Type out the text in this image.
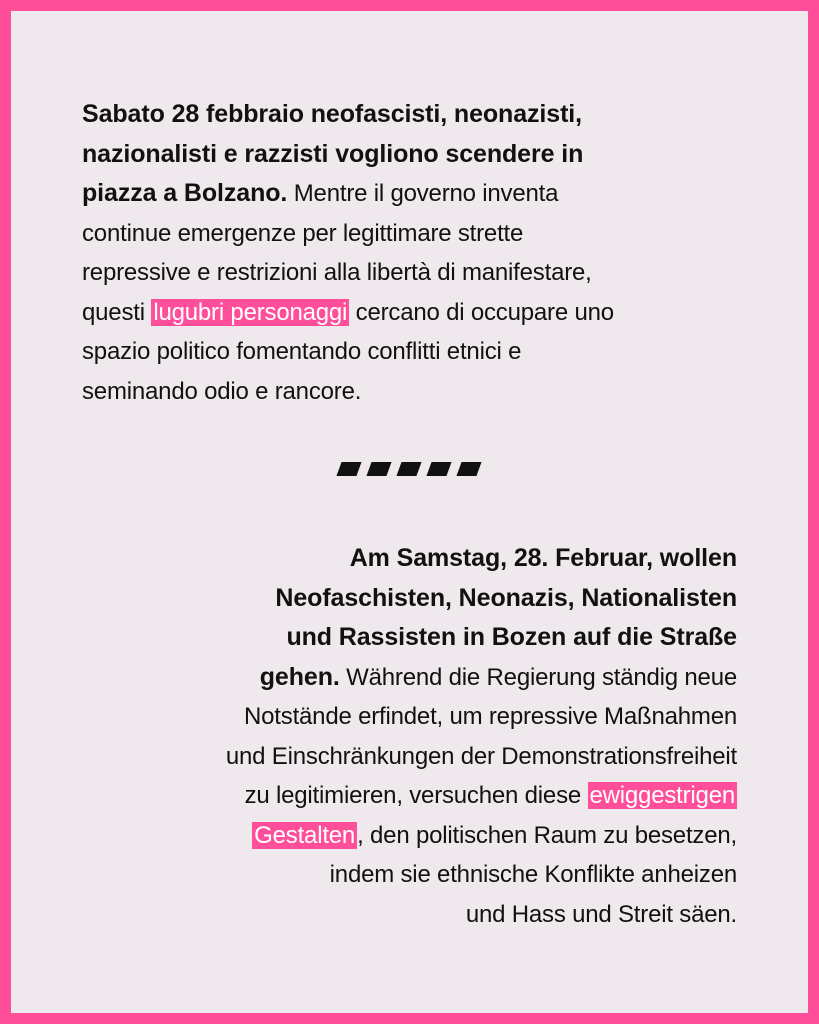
Sabato 28 febbraio neofascisti, neonazisti,
nazionalisti e razzisti vogliono scendere in
piazza a Bolzano. Mentre il governo inventa
continue emergenze per legittimare strette
repressive e restrizioni alla libertà di manifestare,
questi lugubri personaggi cercano di occupare uno
spazio politico fomentando conflitti etnici e
seminando odio e rancore.
Am Samstag, 28. Februar, wollen
Neofaschisten, Neonazis, Nationalisten
und Rassisten in Bozen auf die Straße
gehen. Während die Regierung ständig neue
Notstände erfindet, um repressive Maßnahmen
und Einschränkungen der Demonstrationsfreiheit
zu legitimieren, versuchen diese ewiggestrigen
Gestalten, den politischen Raum zu besetzen,
indem sie ethnische Konflikte anheizen
und Hass und Streit säen.
